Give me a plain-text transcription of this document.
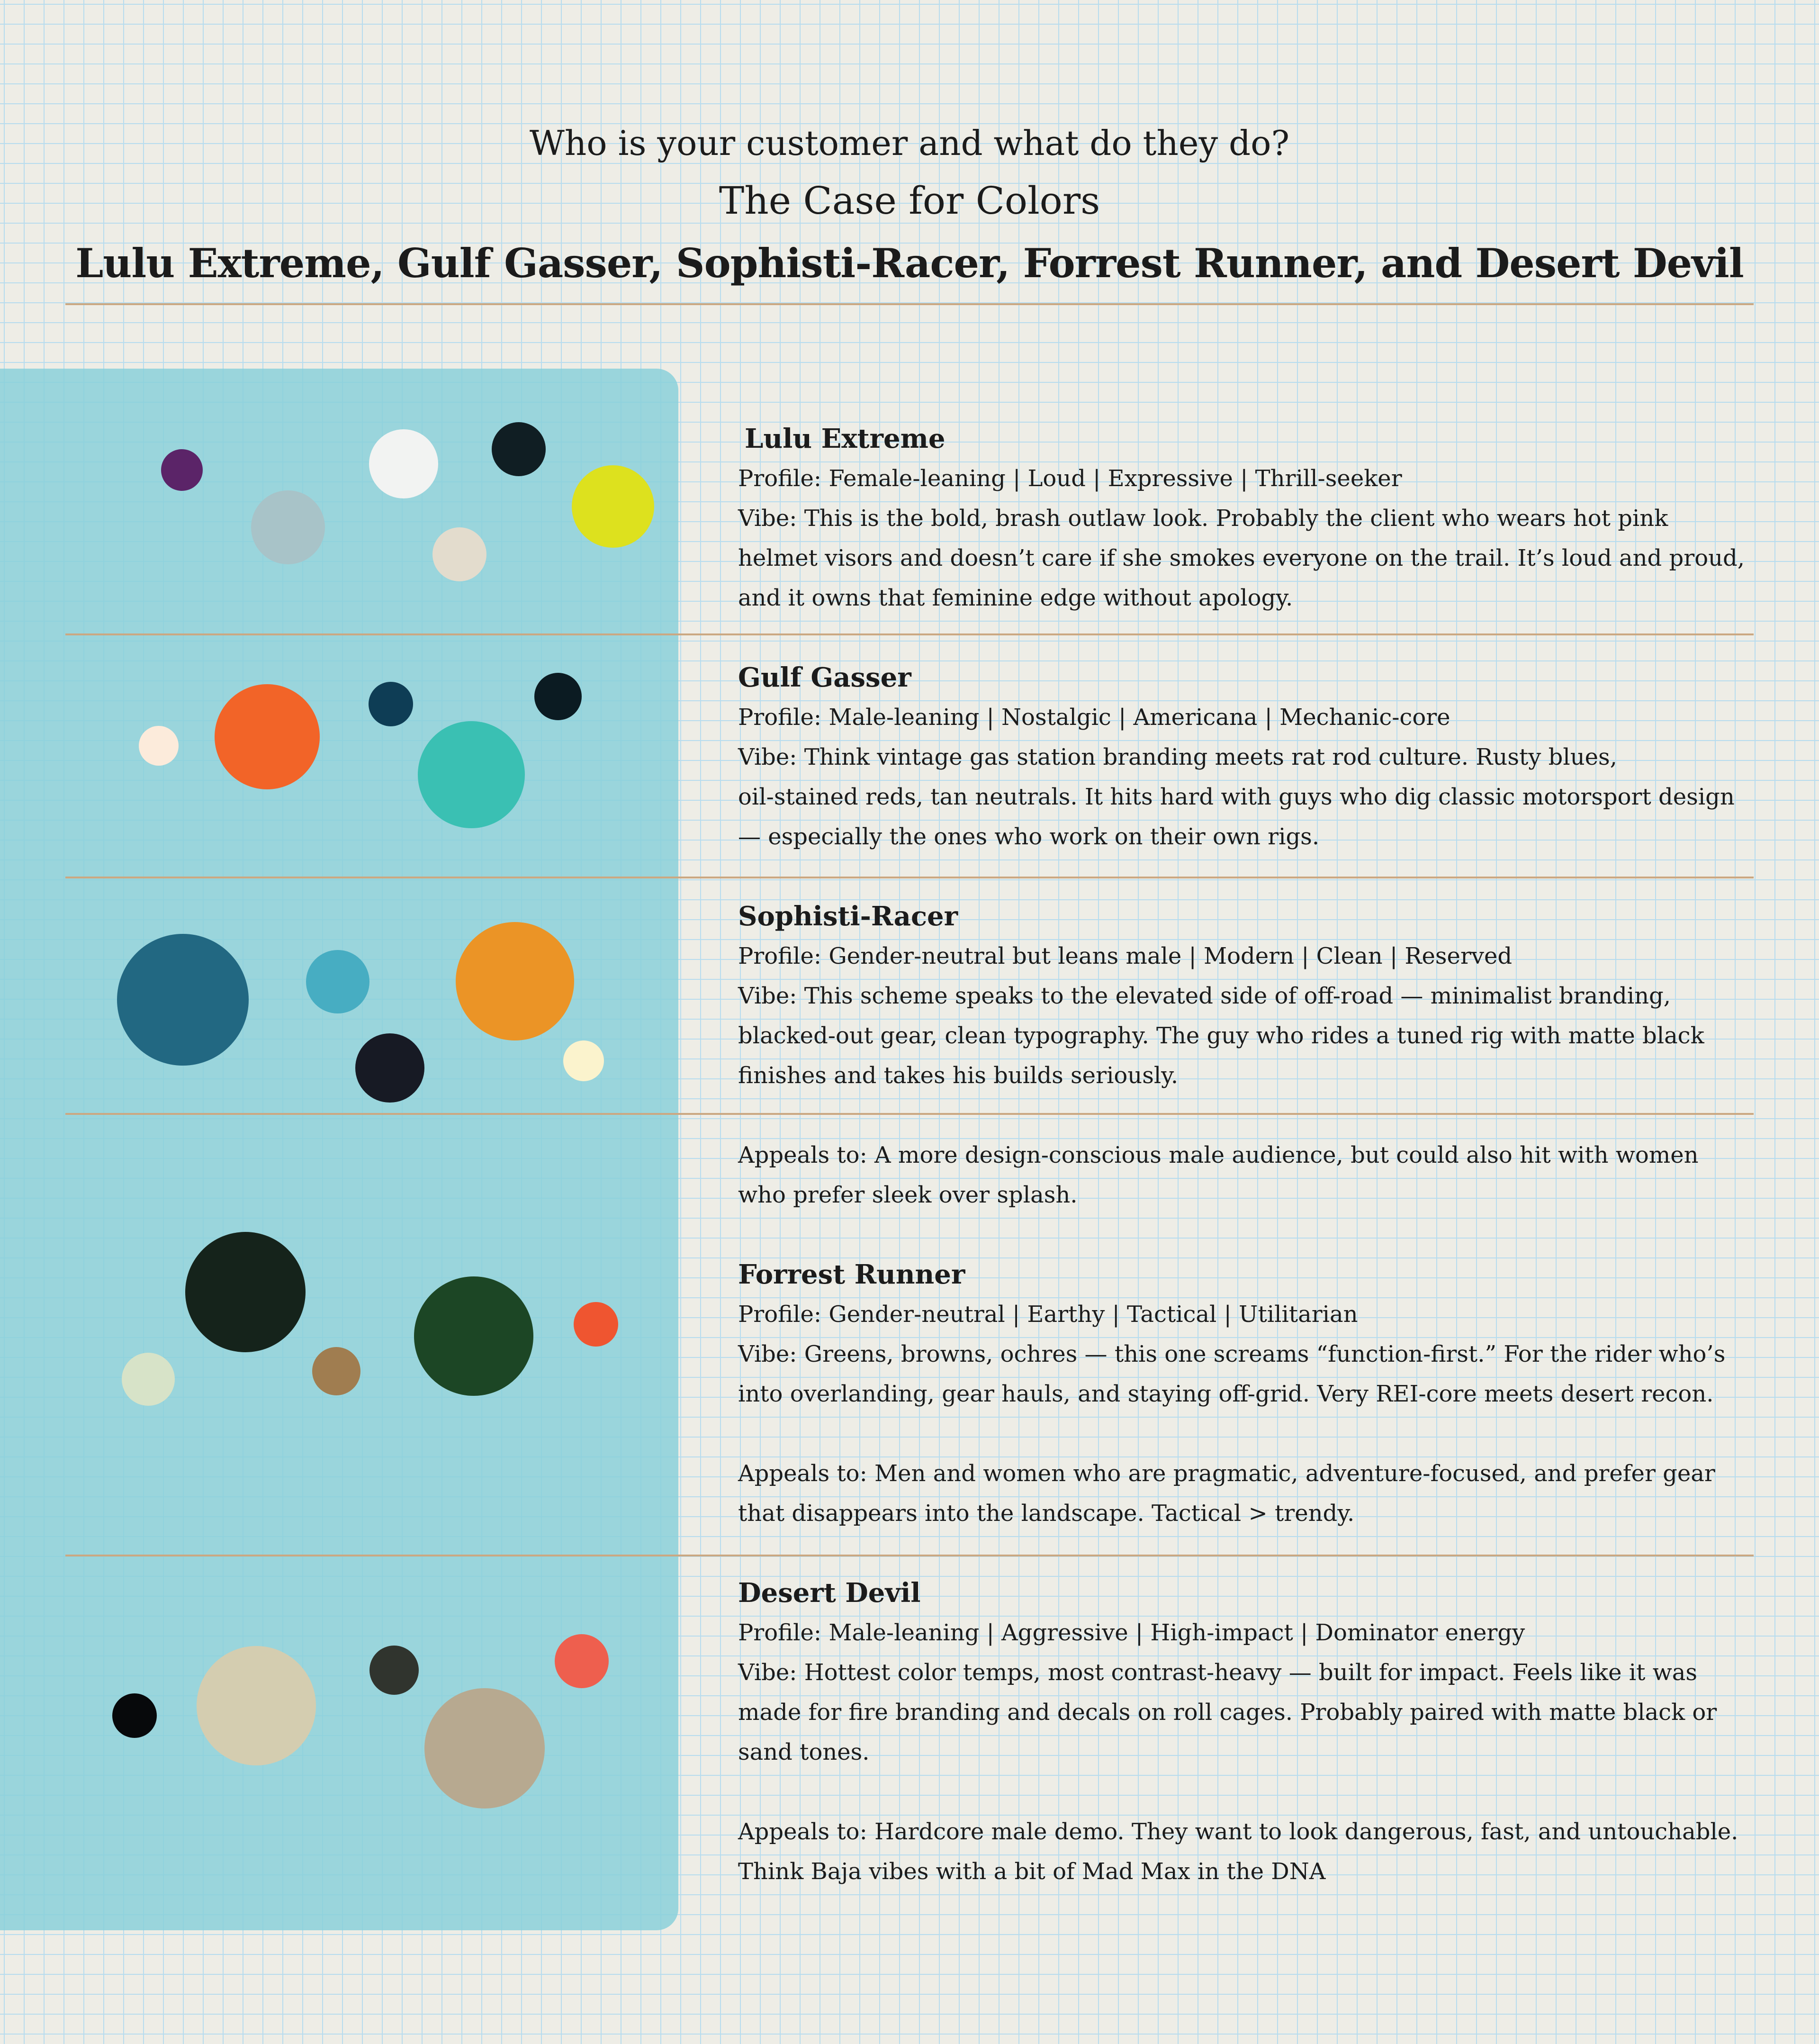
Who is your customer and what do they do?
The Case for Colors
Lulu Extreme, Gulf Gasser, Sophisti-Racer, Forrest Runner, and Desert Devil
Lulu Extreme
Profile: Female-leaning | Loud | Expressive | Thrill-seeker
Vibe: This is the bold, brash outlaw look. Probably the client who wears hot pink
helmet visors and doesn’t care if she smokes everyone on the trail. It’s loud and proud,
and it owns that feminine edge without apology.
Gulf Gasser
Profile: Male-leaning | Nostalgic | Americana | Mechanic-core
Vibe: Think vintage gas station branding meets rat rod culture. Rusty blues,
oil-stained reds, tan neutrals. It hits hard with guys who dig classic motorsport design
— especially the ones who work on their own rigs.
Sophisti-Racer
Profile: Gender-neutral but leans male | Modern | Clean | Reserved
Vibe: This scheme speaks to the elevated side of off-road — minimalist branding,
blacked-out gear, clean typography. The guy who rides a tuned rig with matte black
finishes and takes his builds seriously.
Appeals to: A more design-conscious male audience, but could also hit with women
who prefer sleek over splash.
Forrest Runner
Profile: Gender-neutral | Earthy | Tactical | Utilitarian
Vibe: Greens, browns, ochres — this one screams “function-first.” For the rider who’s
into overlanding, gear hauls, and staying off-grid. Very REI-core meets desert recon.
Appeals to: Men and women who are pragmatic, adventure-focused, and prefer gear
that disappears into the landscape. Tactical > trendy.
Desert Devil
Profile: Male-leaning | Aggressive | High-impact | Dominator energy
Vibe: Hottest color temps, most contrast-heavy — built for impact. Feels like it was
made for fire branding and decals on roll cages. Probably paired with matte black or
sand tones.
Appeals to: Hardcore male demo. They want to look dangerous, fast, and untouchable.
Think Baja vibes with a bit of Mad Max in the DNA
